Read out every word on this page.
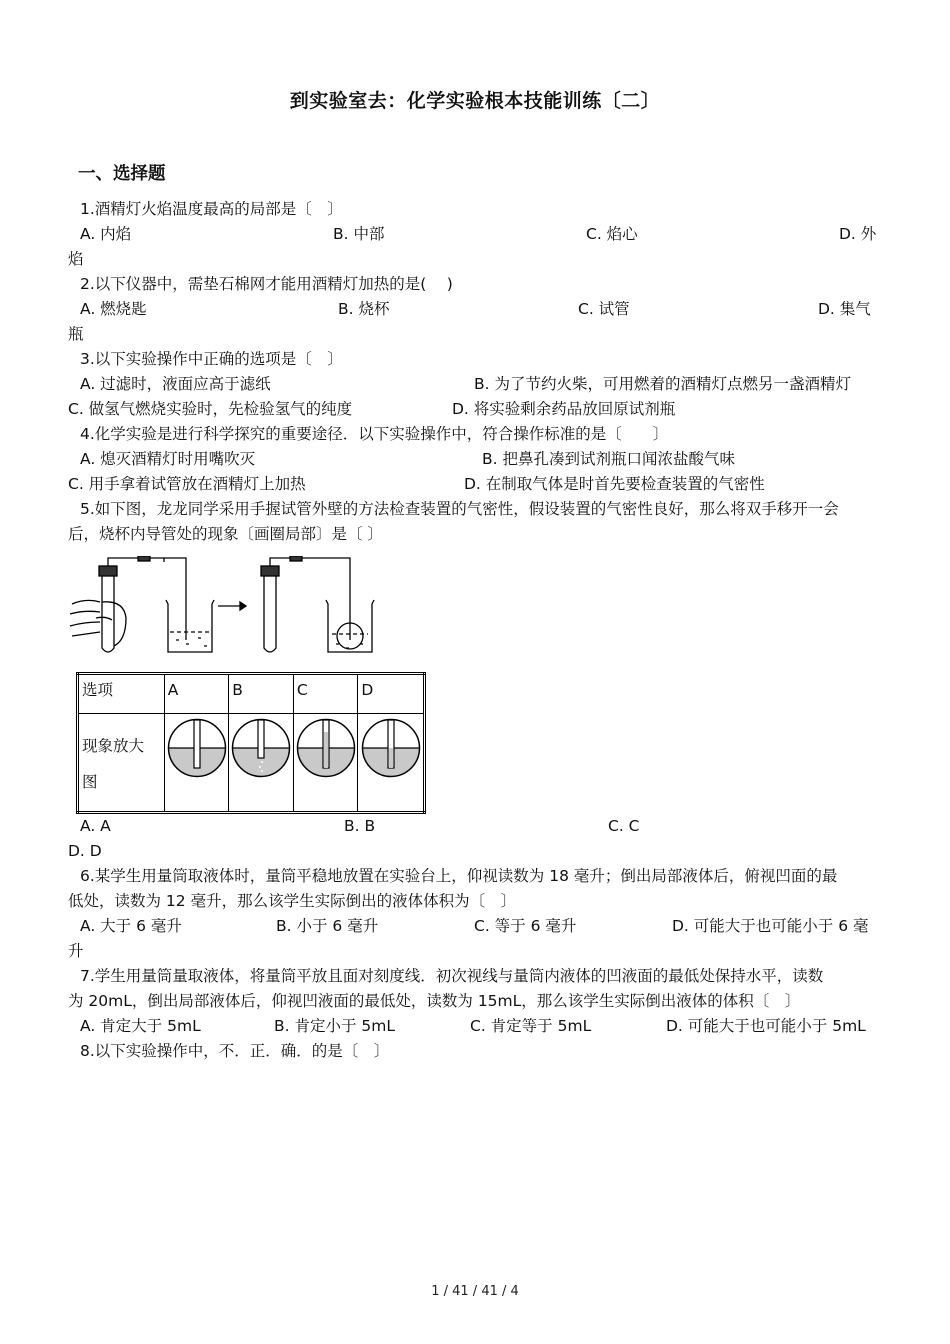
到实验室去：化学实验根本技能训练〔二〕
一、选择题
1.酒精灯火焰温度最高的局部是〔　〕
A. 内焰	B. 中部	C. 焰心	D. 外
焰
2.以下仪器中，需垫石棉网才能用酒精灯加热的是(　 )
A. 燃烧匙	B. 烧杯	C. 试管	D. 集气
瓶
3.以下实验操作中正确的选项是〔　〕
A. 过滤时，液面应高于滤纸	B. 为了节约火柴，可用燃着的酒精灯点燃另一盏酒精灯
C. 做氢气燃烧实验时，先检验氢气的纯度	D. 将实验剩余药品放回原试剂瓶
4.化学实验是进行科学探究的重要途径．以下实验操作中，符合操作标准的是〔　　〕
A. 熄灭酒精灯时用嘴吹灭	B. 把鼻孔凑到试剂瓶口闻浓盐酸气味
C. 用手拿着试管放在酒精灯上加热	D. 在制取气体是时首先要检查装置的气密性
5.如下图，龙龙同学采用手握试管外壁的方法检查装置的气密性，假设装置的气密性良好，那么将双手移开一会
后，烧杯内导管处的现象〔画圈局部〕是〔 〕
选项	A	B	C	D
现象放大
图	

A. A	B. B	C. C
D. D
6.某学生用量筒取液体时，量筒平稳地放置在实验台上，仰视读数为 18 毫升；倒出局部液体后，俯视凹面的最
低处，读数为 12 毫升，那么该学生实际倒出的液体体积为〔　〕
A. 大于 6 毫升	B. 小于 6 毫升	C. 等于 6 毫升	D. 可能大于也可能小于 6 毫
升
7.学生用量筒量取液体，将量筒平放且面对刻度线．初次视线与量筒内液体的凹液面的最低处保持水平，读数
为 20mL，倒出局部液体后，仰视凹液面的最低处，读数为 15mL，那么该学生实际倒出液体的体积〔　〕
A. 肯定大于 5mL	B. 肯定小于 5mL	C. 肯定等于 5mL	D. 可能大于也可能小于 5mL
8.以下实验操作中，不．正．确．的是〔　〕
1 / 41 / 41 / 4
